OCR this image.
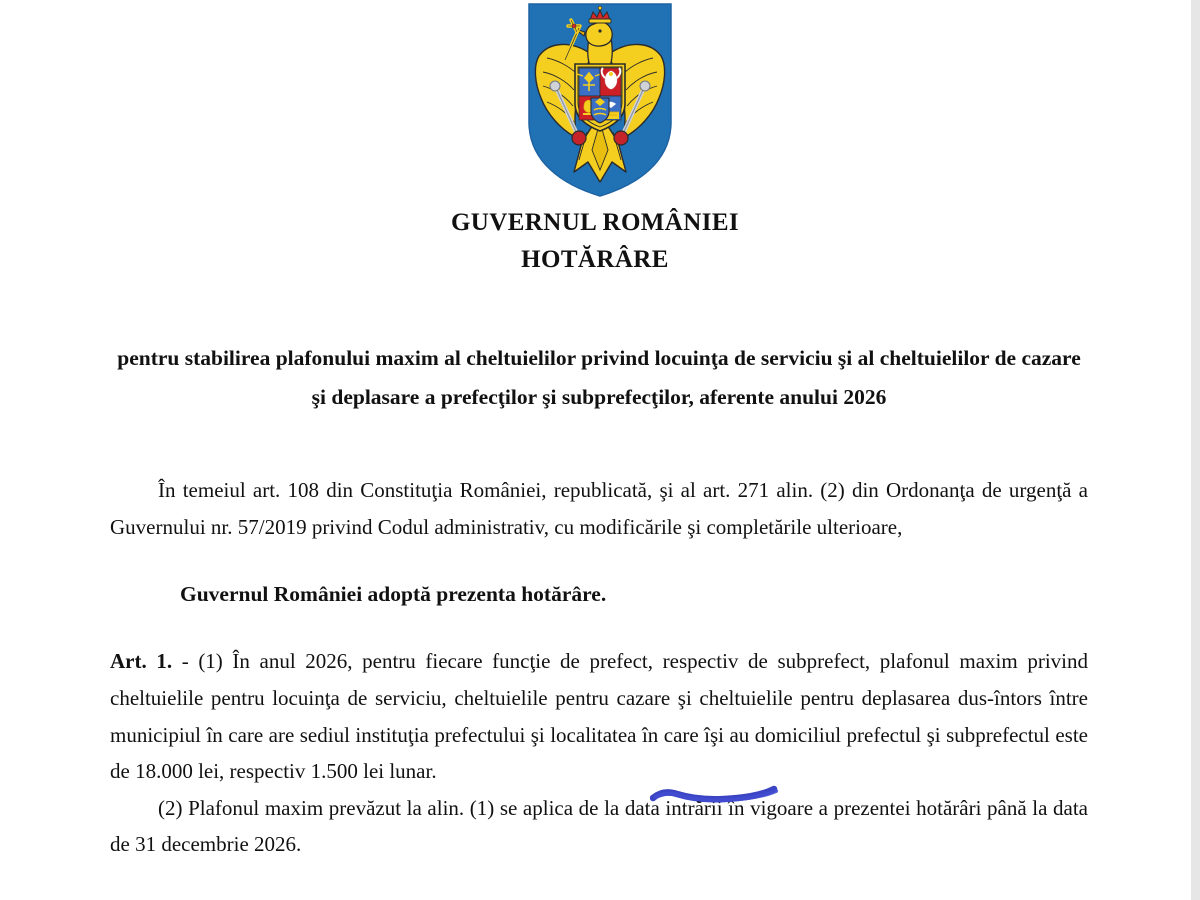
GUVERNUL ROMÂNIEI
HOTĂRÂRE
pentru stabilirea plafonului maxim al cheltuielilor privind locuinţa de serviciu şi al cheltuielilor de cazare şi deplasare a prefecţilor şi subprefecţilor, aferente anului 2026

În temeiul art. 108 din Constituţia României, republicată, şi al art. 271 alin. (2) din Ordonanţa de urgenţă a Guvernului nr. 57/2019 privind Codul administrativ, cu modificările şi completările ulterioare,

Guvernul României adoptă prezenta hotărâre.

Art. 1. - (1) În anul 2026, pentru fiecare funcţie de prefect, respectiv de subprefect, plafonul maxim privind cheltuielile pentru locuinţa de serviciu, cheltuielile pentru cazare şi cheltuielile pentru deplasarea dus-întors între municipiul în care are sediul instituţia prefectului şi localitatea în care îşi au domiciliul prefectul şi subprefectul este de 18.000 lei, respectiv 1.500 lei lunar.

(2) Plafonul maxim prevăzut la alin. (1) se aplica de la data intrării în vigoare a prezentei hotărâri până la data de 31 decembrie 2026.
